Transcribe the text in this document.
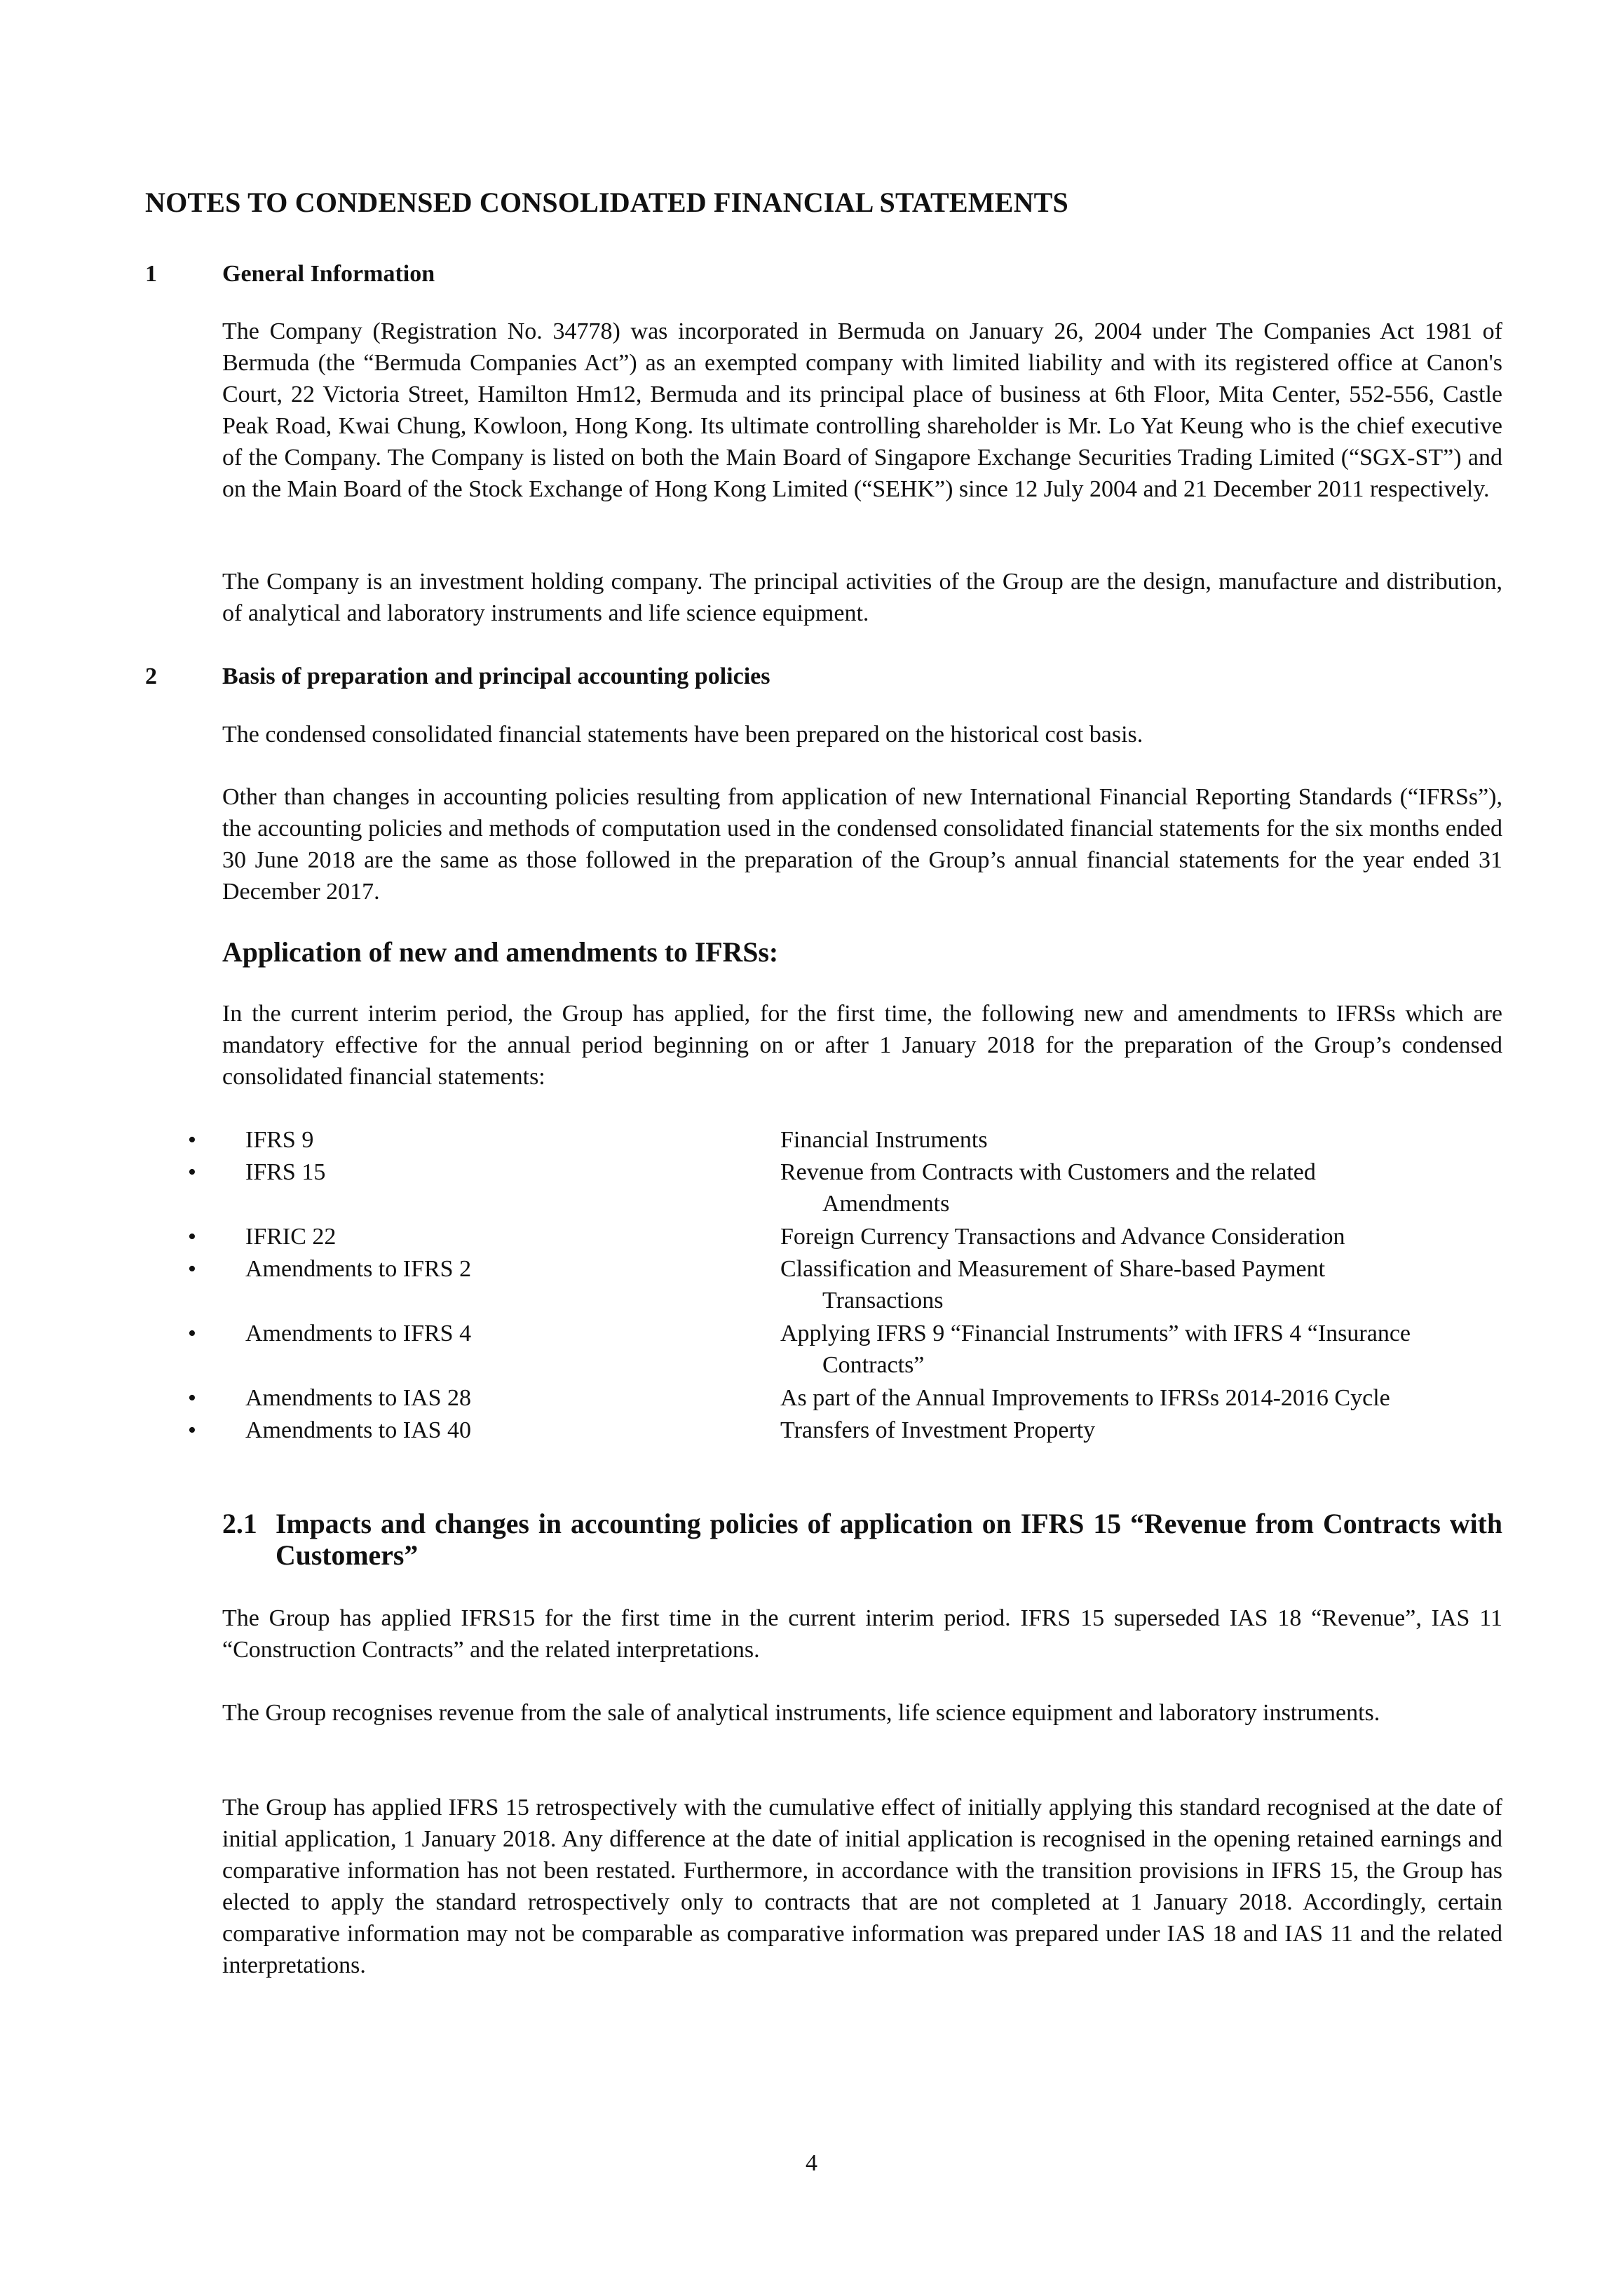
NOTES TO CONDENSED CONSOLIDATED FINANCIAL STATEMENTS
1	General Information

The Company (Registration No. 34778) was incorporated in Bermuda on January 26, 2004 under The Companies Act 1981 of Bermuda (the “Bermuda Companies Act”) as an exempted company with limited liability and with its registered office at Canon's Court, 22 Victoria Street, Hamilton Hm12, Bermuda and its principal place of business at 6th Floor, Mita Center, 552-556, Castle Peak Road, Kwai Chung, Kowloon, Hong Kong. Its ultimate controlling shareholder is Mr. Lo Yat Keung who is the chief executive of the Company. The Company is listed on both the Main Board of Singapore Exchange Securities Trading Limited (“SGX-ST”) and on the Main Board of the Stock Exchange of Hong Kong Limited (“SEHK”) since 12 July 2004 and 21 December 2011 respectively.

The Company is an investment holding company. The principal activities of the Group are the design, manufacture and distribution, of analytical and laboratory instruments and life science equipment.

2	Basis of preparation and principal accounting policies

The condensed consolidated financial statements have been prepared on the historical cost basis.

Other than changes in accounting policies resulting from application of new International Financial Reporting Standards (“IFRSs”), the accounting policies and methods of computation used in the condensed consolidated financial statements for the six months ended 30 June 2018 are the same as those followed in the preparation of the Group’s annual financial statements for the year ended 31 December 2017.

Application of new and amendments to IFRSs:

In the current interim period, the Group has applied, for the first time, the following new and amendments to IFRSs which are mandatory effective for the annual period beginning on or after 1 January 2018 for the preparation of the Group’s condensed consolidated financial statements:

• IFRS 9	Financial Instruments
• IFRS 15	Revenue from Contracts with Customers and the related
Amendments
• IFRIC 22	Foreign Currency Transactions and Advance Consideration
• Amendments to IFRS 2	Classification and Measurement of Share-based Payment
Transactions
• Amendments to IFRS 4	Applying IFRS 9 “Financial Instruments” with IFRS 4 “Insurance
Contracts”
• Amendments to IAS 28	As part of the Annual Improvements to IFRSs 2014-2016 Cycle
• Amendments to IAS 40	Transfers of Investment Property
2.1 Impacts and changes in accounting policies of application on IFRS 15 “Revenue from Contracts with Customers”

The Group has applied IFRS15 for the first time in the current interim period. IFRS 15 superseded IAS 18 “Revenue”, IAS 11 “Construction Contracts” and the related interpretations.

The Group recognises revenue from the sale of analytical instruments, life science equipment and laboratory instruments.

The Group has applied IFRS 15 retrospectively with the cumulative effect of initially applying this standard recognised at the date of initial application, 1 January 2018. Any difference at the date of initial application is recognised in the opening retained earnings and comparative information has not been restated. Furthermore, in accordance with the transition provisions in IFRS 15, the Group has elected to apply the standard retrospectively only to contracts that are not completed at 1 January 2018. Accordingly, certain comparative information may not be comparable as comparative information was prepared under IAS 18 and IAS 11 and the related interpretations.

4
